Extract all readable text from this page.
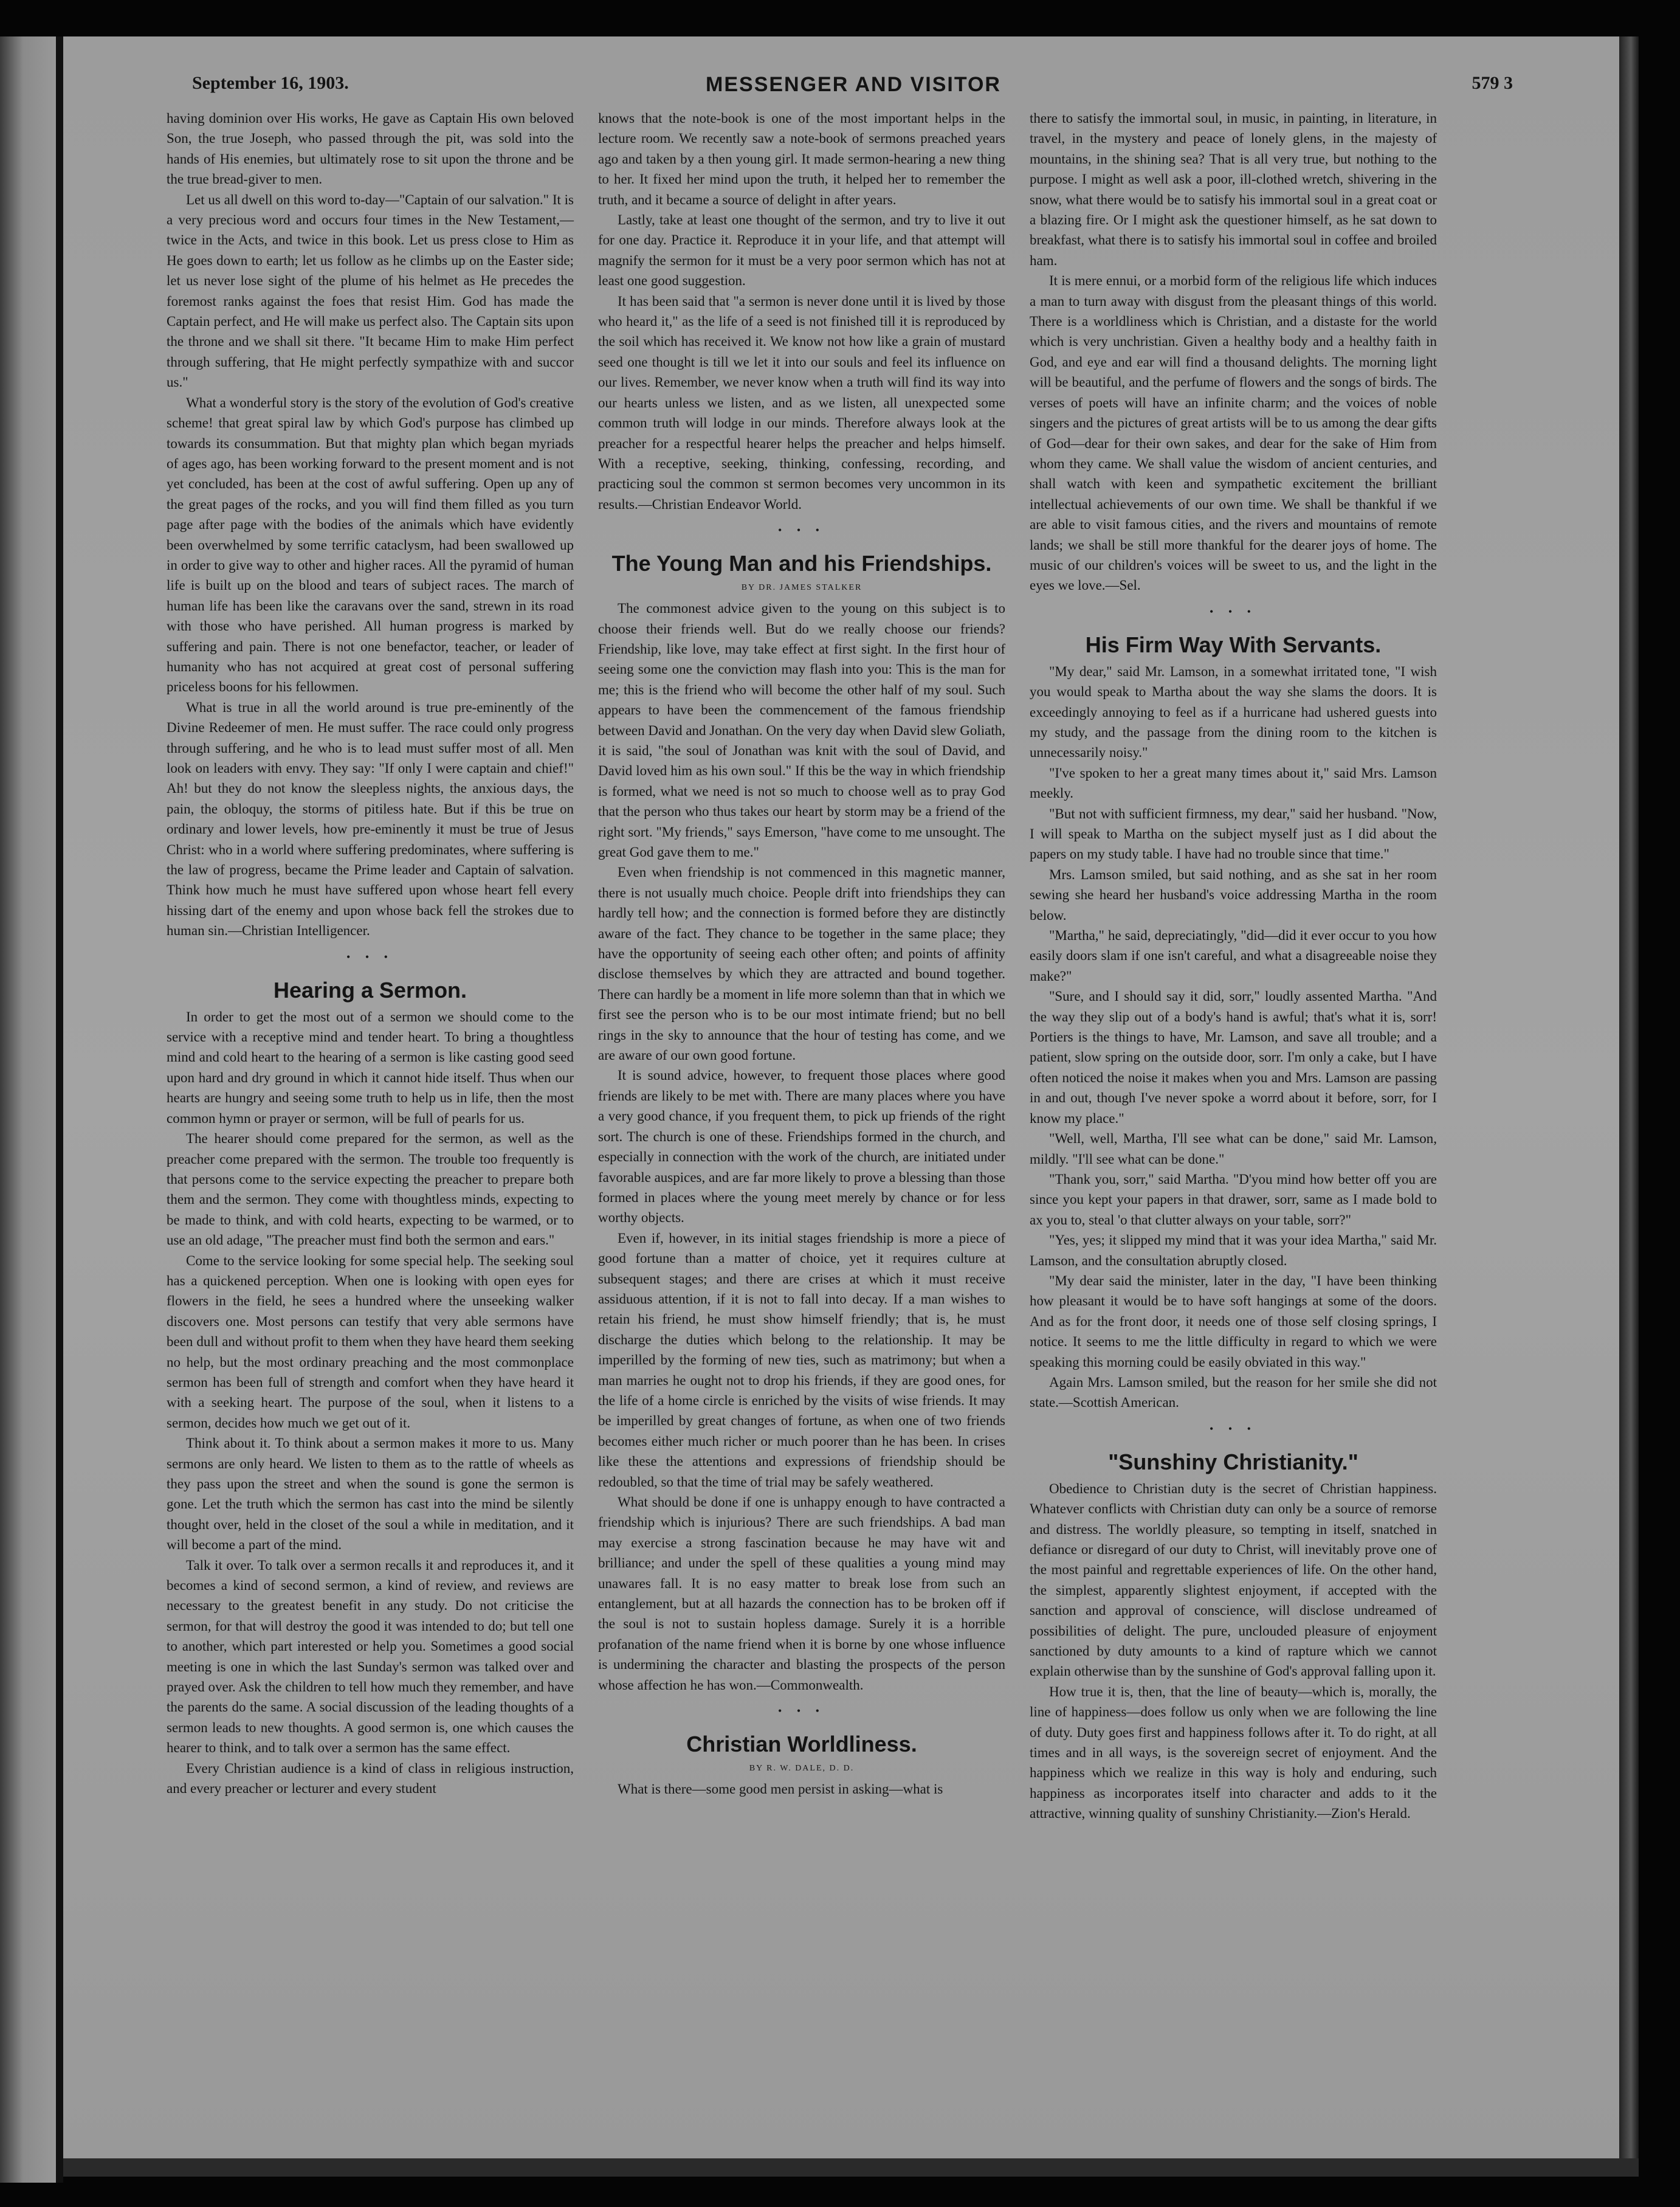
September 16, 1903.	MESSENGER AND VISITOR	579 3

having dominion over His works, He gave as Captain His own beloved Son, the true Joseph, who passed through the pit, was sold into the hands of His enemies, but ultimately rose to sit upon the throne and be the true bread-giver to men.

Let us all dwell on this word to-day—"Captain of our salvation." It is a very precious word and occurs four times in the New Testament,—twice in the Acts, and twice in this book. Let us press close to Him as He goes down to earth; let us follow as he climbs up on the Easter side; let us never lose sight of the plume of his helmet as He precedes the foremost ranks against the foes that resist Him. God has made the Captain perfect, and He will make us perfect also. The Captain sits upon the throne and we shall sit there. "It became Him to make Him perfect through suffering, that He might perfectly sympathize with and succor us."

What a wonderful story is the story of the evolution of God's creative scheme! that great spiral law by which God's purpose has climbed up towards its consummation. But that mighty plan which began myriads of ages ago, has been working forward to the present moment and is not yet concluded, has been at the cost of awful suffering. Open up any of the great pages of the rocks, and you will find them filled as you turn page after page with the bodies of the animals which have evidently been overwhelmed by some terrific cataclysm, had been swallowed up in order to give way to other and higher races. All the pyramid of human life is built up on the blood and tears of subject races. The march of human life has been like the caravans over the sand, strewn in its road with those who have perished. All human progress is marked by suffering and pain. There is not one benefactor, teacher, or leader of humanity who has not acquired at great cost of personal suffering priceless boons for his fellowmen.

What is true in all the world around is true pre-eminently of the Divine Redeemer of men. He must suffer. The race could only progress through suffering, and he who is to lead must suffer most of all. Men look on leaders with envy. They say: "If only I were captain and chief!" Ah! but they do not know the sleepless nights, the anxious days, the pain, the obloquy, the storms of pitiless hate. But if this be true on ordinary and lower levels, how pre-eminently it must be true of Jesus Christ: who in a world where suffering predominates, where suffering is the law of progress, became the Prime leader and Captain of salvation. Think how much he must have suffered upon whose heart fell every hissing dart of the enemy and upon whose back fell the strokes due to human sin.—Christian Intelligencer.

• • •
Hearing a Sermon.

In order to get the most out of a sermon we should come to the service with a receptive mind and tender heart. To bring a thoughtless mind and cold heart to the hearing of a sermon is like casting good seed upon hard and dry ground in which it cannot hide itself. Thus when our hearts are hungry and seeing some truth to help us in life, then the most common hymn or prayer or sermon, will be full of pearls for us.

The hearer should come prepared for the sermon, as well as the preacher come prepared with the sermon. The trouble too frequently is that persons come to the service expecting the preacher to prepare both them and the sermon. They come with thoughtless minds, expecting to be made to think, and with cold hearts, expecting to be warmed, or to use an old adage, "The preacher must find both the sermon and ears."

Come to the service looking for some special help. The seeking soul has a quickened perception. When one is looking with open eyes for flowers in the field, he sees a hundred where the unseeking walker discovers one. Most persons can testify that very able sermons have been dull and without profit to them when they have heard them seeking no help, but the most ordinary preaching and the most commonplace sermon has been full of strength and comfort when they have heard it with a seeking heart. The purpose of the soul, when it listens to a sermon, decides how much we get out of it.

Think about it. To think about a sermon makes it more to us. Many sermons are only heard. We listen to them as to the rattle of wheels as they pass upon the street and when the sound is gone the sermon is gone. Let the truth which the sermon has cast into the mind be silently thought over, held in the closet of the soul a while in meditation, and it will become a part of the mind.

Talk it over. To talk over a sermon recalls it and reproduces it, and it becomes a kind of second sermon, a kind of review, and reviews are necessary to the greatest benefit in any study. Do not criticise the sermon, for that will destroy the good it was intended to do; but tell one to another, which part interested or help you. Sometimes a good social meeting is one in which the last Sunday's sermon was talked over and prayed over. Ask the children to tell how much they remember, and have the parents do the same. A social discussion of the leading thoughts of a sermon leads to new thoughts. A good sermon is, one which causes the hearer to think, and to talk over a sermon has the same effect.

Every Christian audience is a kind of class in religious instruction, and every preacher or lecturer and every student

knows that the note-book is one of the most important helps in the lecture room. We recently saw a note-book of sermons preached years ago and taken by a then young girl. It made sermon-hearing a new thing to her. It fixed her mind upon the truth, it helped her to remember the truth, and it became a source of delight in after years.

Lastly, take at least one thought of the sermon, and try to live it out for one day. Practice it. Reproduce it in your life, and that attempt will magnify the sermon for it must be a very poor sermon which has not at least one good suggestion.

It has been said that "a sermon is never done until it is lived by those who heard it," as the life of a seed is not finished till it is reproduced by the soil which has received it. We know not how like a grain of mustard seed one thought is till we let it into our souls and feel its influence on our lives. Remember, we never know when a truth will find its way into our hearts unless we listen, and as we listen, all unexpected some common truth will lodge in our minds. Therefore always look at the preacher for a respectful hearer helps the preacher and helps himself. With a receptive, seeking, thinking, confessing, recording, and practicing soul the common st sermon becomes very uncommon in its results.—Christian Endeavor World.

• • •
The Young Man and his Friendships.
BY DR. JAMES STALKER

The commonest advice given to the young on this subject is to choose their friends well. But do we really choose our friends? Friendship, like love, may take effect at first sight. In the first hour of seeing some one the conviction may flash into you: This is the man for me; this is the friend who will become the other half of my soul. Such appears to have been the commencement of the famous friendship between David and Jonathan. On the very day when David slew Goliath, it is said, "the soul of Jonathan was knit with the soul of David, and David loved him as his own soul." If this be the way in which friendship is formed, what we need is not so much to choose well as to pray God that the person who thus takes our heart by storm may be a friend of the right sort. "My friends," says Emerson, "have come to me unsought. The great God gave them to me."

Even when friendship is not commenced in this magnetic manner, there is not usually much choice. People drift into friendships they can hardly tell how; and the connection is formed before they are distinctly aware of the fact. They chance to be together in the same place; they have the opportunity of seeing each other often; and points of affinity disclose themselves by which they are attracted and bound together. There can hardly be a moment in life more solemn than that in which we first see the person who is to be our most intimate friend; but no bell rings in the sky to announce that the hour of testing has come, and we are aware of our own good fortune.

It is sound advice, however, to frequent those places where good friends are likely to be met with. There are many places where you have a very good chance, if you frequent them, to pick up friends of the right sort. The church is one of these. Friendships formed in the church, and especially in connection with the work of the church, are initiated under favorable auspices, and are far more likely to prove a blessing than those formed in places where the young meet merely by chance or for less worthy objects.

Even if, however, in its initial stages friendship is more a piece of good fortune than a matter of choice, yet it requires culture at subsequent stages; and there are crises at which it must receive assiduous attention, if it is not to fall into decay. If a man wishes to retain his friend, he must show himself friendly; that is, he must discharge the duties which belong to the relationship. It may be imperilled by the forming of new ties, such as matrimony; but when a man marries he ought not to drop his friends, if they are good ones, for the life of a home circle is enriched by the visits of wise friends. It may be imperilled by great changes of fortune, as when one of two friends becomes either much richer or much poorer than he has been. In crises like these the attentions and expressions of friendship should be redoubled, so that the time of trial may be safely weathered.

What should be done if one is unhappy enough to have contracted a friendship which is injurious? There are such friendships. A bad man may exercise a strong fascination because he may have wit and brilliance; and under the spell of these qualities a young mind may unawares fall. It is no easy matter to break lose from such an entanglement, but at all hazards the connection has to be broken off if the soul is not to sustain hopless damage. Surely it is a horrible profanation of the name friend when it is borne by one whose influence is undermining the character and blasting the prospects of the person whose affection he has won.—Commonwealth.

• • •
Christian Worldliness.
BY R. W. DALE, D. D.

What is there—some good men persist in asking—what is

there to satisfy the immortal soul, in music, in painting, in literature, in travel, in the mystery and peace of lonely glens, in the majesty of mountains, in the shining sea? That is all very true, but nothing to the purpose. I might as well ask a poor, ill-clothed wretch, shivering in the snow, what there would be to satisfy his immortal soul in a great coat or a blazing fire. Or I might ask the questioner himself, as he sat down to breakfast, what there is to satisfy his immortal soul in coffee and broiled ham.

It is mere ennui, or a morbid form of the religious life which induces a man to turn away with disgust from the pleasant things of this world. There is a worldliness which is Christian, and a distaste for the world which is very unchristian. Given a healthy body and a healthy faith in God, and eye and ear will find a thousand delights. The morning light will be beautiful, and the perfume of flowers and the songs of birds. The verses of poets will have an infinite charm; and the voices of noble singers and the pictures of great artists will be to us among the dear gifts of God—dear for their own sakes, and dear for the sake of Him from whom they came. We shall value the wisdom of ancient centuries, and shall watch with keen and sympathetic excitement the brilliant intellectual achievements of our own time. We shall be thankful if we are able to visit famous cities, and the rivers and mountains of remote lands; we shall be still more thankful for the dearer joys of home. The music of our children's voices will be sweet to us, and the light in the eyes we love.—Sel.

• • •
His Firm Way With Servants.

"My dear," said Mr. Lamson, in a somewhat irritated tone, "I wish you would speak to Martha about the way she slams the doors. It is exceedingly annoying to feel as if a hurricane had ushered guests into my study, and the passage from the dining room to the kitchen is unnecessarily noisy."

"I've spoken to her a great many times about it," said Mrs. Lamson meekly.

"But not with sufficient firmness, my dear," said her husband. "Now, I will speak to Martha on the subject myself just as I did about the papers on my study table. I have had no trouble since that time."

Mrs. Lamson smiled, but said nothing, and as she sat in her room sewing she heard her husband's voice addressing Martha in the room below.

"Martha," he said, depreciatingly, "did—did it ever occur to you how easily doors slam if one isn't careful, and what a disagreeable noise they make?"

"Sure, and I should say it did, sorr," loudly assented Martha. "And the way they slip out of a body's hand is awful; that's what it is, sorr! Portiers is the things to have, Mr. Lamson, and save all trouble; and a patient, slow spring on the outside door, sorr. I'm only a cake, but I have often noticed the noise it makes when you and Mrs. Lamson are passing in and out, though I've never spoke a worrd about it before, sorr, for I know my place."

"Well, well, Martha, I'll see what can be done," said Mr. Lamson, mildly. "I'll see what can be done."

"Thank you, sorr," said Martha. "D'you mind how better off you are since you kept your papers in that drawer, sorr, same as I made bold to ax you to, steal 'o that clutter always on your table, sorr?"

"Yes, yes; it slipped my mind that it was your idea Martha," said Mr. Lamson, and the consultation abruptly closed.

"My dear said the minister, later in the day, "I have been thinking how pleasant it would be to have soft hangings at some of the doors. And as for the front door, it needs one of those self closing springs, I notice. It seems to me the little difficulty in regard to which we were speaking this morning could be easily obviated in this way."

Again Mrs. Lamson smiled, but the reason for her smile she did not state.—Scottish American.

• • •
"Sunshiny Christianity."

Obedience to Christian duty is the secret of Christian happiness. Whatever conflicts with Christian duty can only be a source of remorse and distress. The worldly pleasure, so tempting in itself, snatched in defiance or disregard of our duty to Christ, will inevitably prove one of the most painful and regrettable experiences of life. On the other hand, the simplest, apparently slightest enjoyment, if accepted with the sanction and approval of conscience, will disclose undreamed of possibilities of delight. The pure, unclouded pleasure of enjoyment sanctioned by duty amounts to a kind of rapture which we cannot explain otherwise than by the sunshine of God's approval falling upon it.

How true it is, then, that the line of beauty—which is, morally, the line of happiness—does follow us only when we are following the line of duty. Duty goes first and happiness follows after it. To do right, at all times and in all ways, is the sovereign secret of enjoyment. And the happiness which we realize in this way is holy and enduring, such happiness as incorporates itself into character and adds to it the attractive, winning quality of sunshiny Christianity.—Zion's Herald.
